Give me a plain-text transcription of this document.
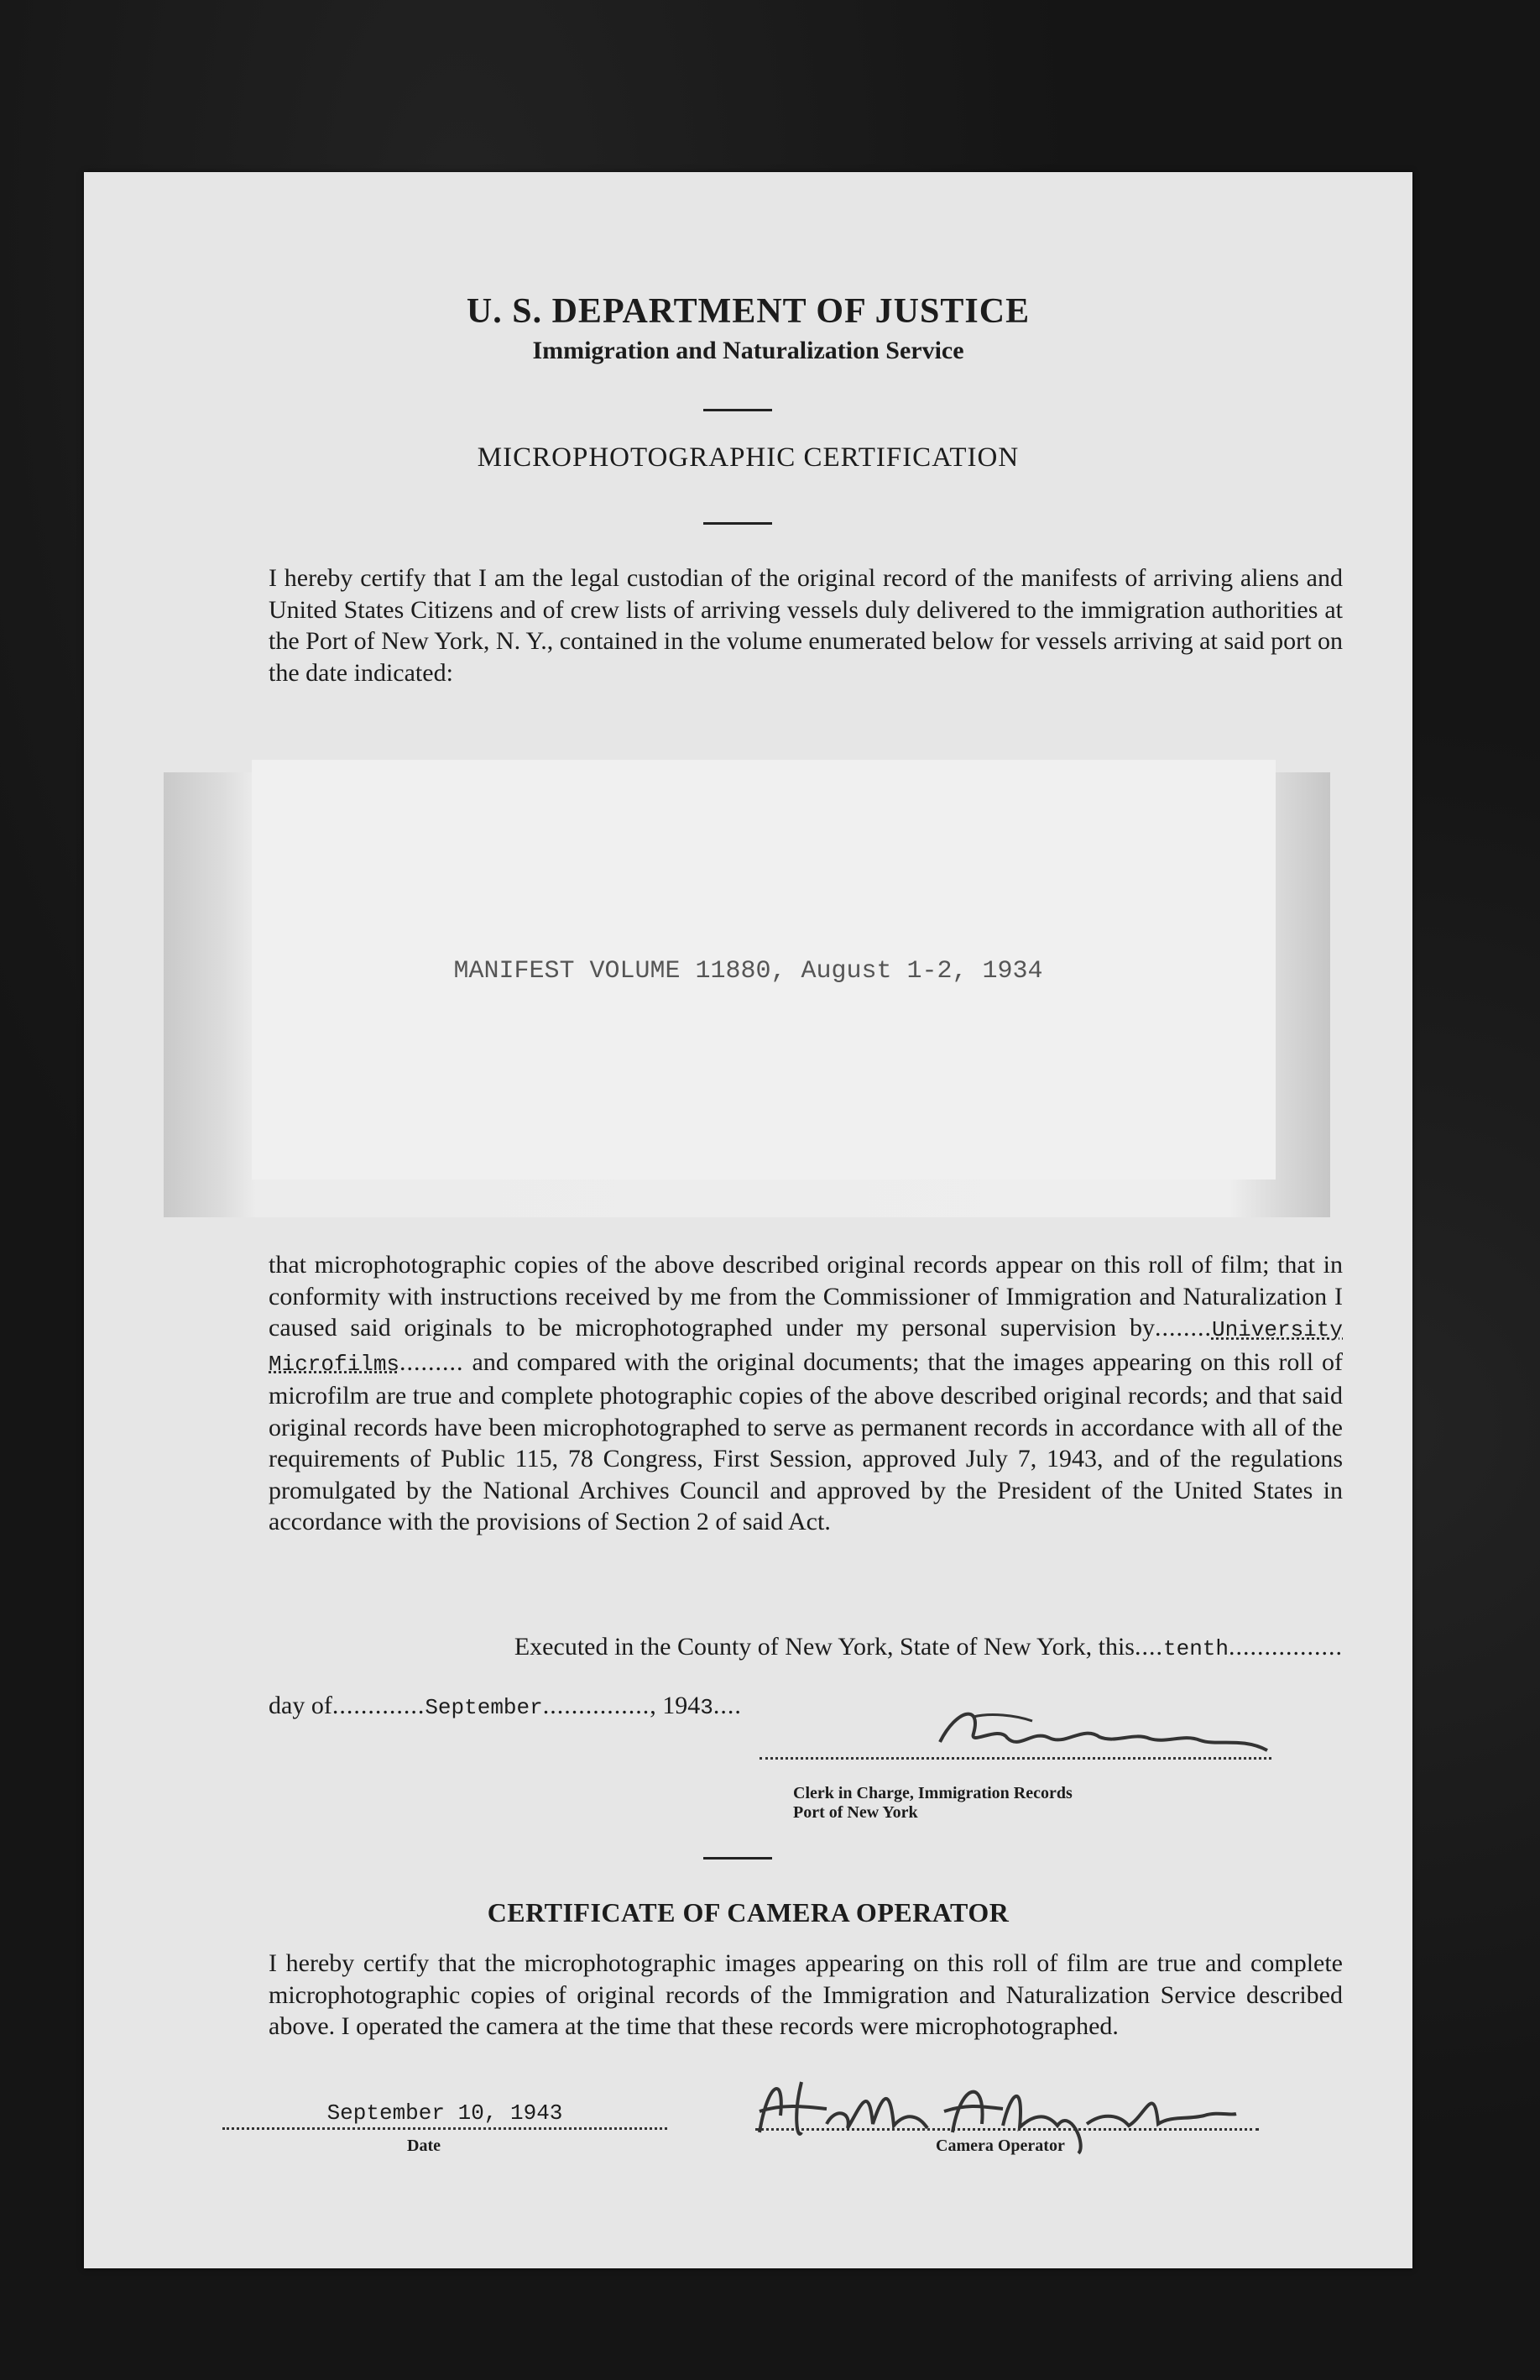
U. S. DEPARTMENT OF JUSTICE
Immigration and Naturalization Service
MICROPHOTOGRAPHIC CERTIFICATION
I hereby certify that I am the legal custodian of the original record of the manifests of arriving aliens and United States Citizens and of crew lists of arriving vessels duly delivered to the immigration authorities at the Port of New York, N. Y., contained in the volume enumerated below for vessels arriving at said port on the date indicated:
MANIFEST VOLUME 11880, August 1-2, 1934
that microphotographic copies of the above described original records appear on this roll of film; that in conformity with instructions received by me from the Commissioner of Immigration and Naturalization I caused said originals to be microphotographed under my personal supervision by........University Microfilms......... and compared with the original documents; that the images appearing on this roll of microfilm are true and complete photographic copies of the above described original records; and that said original records have been microphotographed to serve as permanent records in accordance with all of the requirements of Public 115, 78 Congress, First Session, approved July 7, 1943, and of the regulations promulgated by the National Archives Council and approved by the President of the United States in accordance with the provisions of Section 2 of said Act.
Executed in the County of New York, State of New York, this....tenth................
day of.............September..............., 1943....
Clerk in Charge, Immigration Records
Port of New York
CERTIFICATE OF CAMERA OPERATOR
I hereby certify that the microphotographic images appearing on this roll of film are true and complete microphotographic copies of original records of the Immigration and Naturalization Service described above. I operated the camera at the time that these records were microphotographed.
September 10, 1943
Date	Camera Operator
